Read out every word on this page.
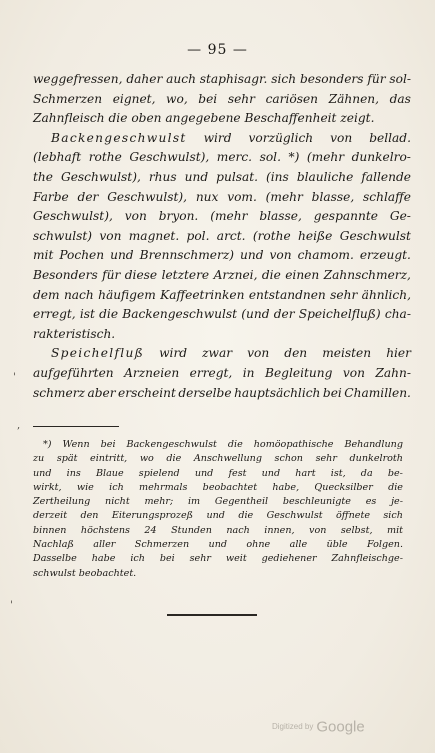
— 95 —
weggefressen, daher auch staphisagr. sich besonders für sol-
Schmerzen eignet, wo, bei sehr cariösen Zähnen, das
Zahnfleisch die oben angegebene Beschaffenheit zeigt.
Backengeschwulst wird vorzüglich von bellad.
(lebhaft rothe Geschwulst), merc. sol. *) (mehr dunkelro-
the Geschwulst), rhus und pulsat. (ins blauliche fallende
Farbe der Geschwulst), nux vom. (mehr blasse, schlaffe
Geschwulst), von bryon. (mehr blasse, gespannte Ge-
schwulst) von magnet. pol. arct. (rothe heiße Geschwulst
mit Pochen und Brennschmerz) und von chamom. erzeugt.
Besonders für diese letztere Arznei, die einen Zahnschmerz,
dem nach häufigem Kaffeetrinken entstandnen sehr ähnlich,
erregt, ist die Backengeschwulst (und der Speichelfluß) cha-
rakteristisch.
Speichelfluß wird zwar von den meisten hier
aufgeführten Arzneien erregt, in Begleitung von Zahn-
schmerz aber erscheint derselbe hauptsächlich bei Chamillen.
*) Wenn bei Backengeschwulst die homöopathische Behandlung
zu spät eintritt, wo die Anschwellung schon sehr dunkelroth
und ins Blaue spielend und fest und hart ist, da be-
wirkt, wie ich mehrmals beobachtet habe, Quecksilber die
Zertheilung nicht mehr; im Gegentheil beschleunigte es je-
derzeit den Eiterungsprozeß und die Geschwulst öffnete sich
binnen höchstens 24 Stunden nach innen, von selbst, mit
Nachlaß aller Schmerzen und ohne alle üble Folgen.
Dasselbe habe ich bei sehr weit gediehener Zahnfleischge-
schwulst beobachtet.
'
,
'
Digitized by Google
